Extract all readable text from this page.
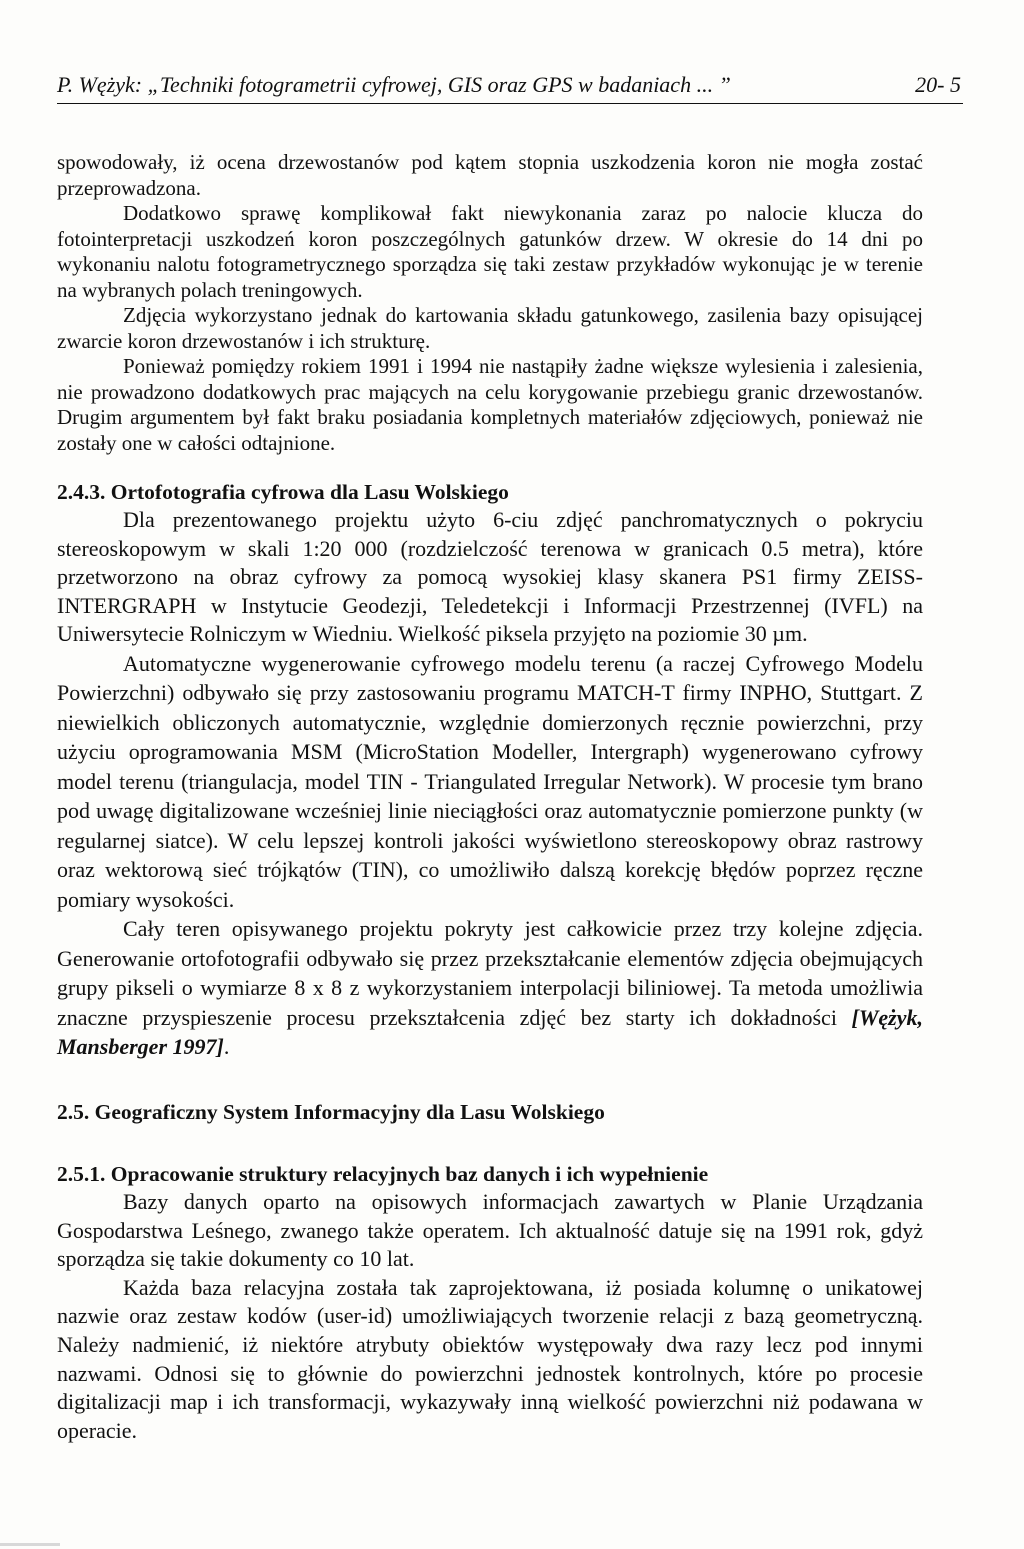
P. Wężyk: „Techniki fotogrametrii cyfrowej, GIS oraz GPS w badaniach ... ”	20- 5

spowodowały, iż ocena drzewostanów pod kątem stopnia uszkodzenia koron nie mogła zostać przeprowadzona.

Dodatkowo sprawę komplikował fakt niewykonania zaraz po nalocie klucza do fotointerpretacji uszkodzeń koron poszczególnych gatunków drzew. W okresie do 14 dni po wykonaniu nalotu fotogrametrycznego sporządza się taki zestaw przykładów wykonując je w terenie na wybranych polach treningowych.

Zdjęcia wykorzystano jednak do kartowania składu gatunkowego, zasilenia bazy opisującej zwarcie koron drzewostanów i ich strukturę.

Ponieważ pomiędzy rokiem 1991 i 1994 nie nastąpiły żadne większe wylesienia i zalesienia, nie prowadzono dodatkowych prac mających na celu korygowanie przebiegu granic drzewostanów. Drugim argumentem był fakt braku posiadania kompletnych materiałów zdjęciowych, ponieważ nie zostały one w całości odtajnione.

2.4.3. Ortofotografia cyfrowa dla Lasu Wolskiego

Dla prezentowanego projektu użyto 6-ciu zdjęć panchromatycznych o pokryciu stereoskopowym w skali 1:20 000 (rozdzielczość terenowa w granicach 0.5 metra), które przetworzono na obraz cyfrowy za pomocą wysokiej klasy skanera PS1 firmy ZEISS-INTERGRAPH w Instytucie Geodezji, Teledetekcji i Informacji Przestrzennej (IVFL) na Uniwersytecie Rolniczym w Wiedniu. Wielkość piksela przyjęto na poziomie 30 µm.

Automatyczne wygenerowanie cyfrowego modelu terenu (a raczej Cyfrowego Modelu Powierzchni) odbywało się przy zastosowaniu programu MATCH-T firmy INPHO, Stuttgart. Z niewielkich obliczonych automatycznie, względnie domierzonych ręcznie powierzchni, przy użyciu oprogramowania MSM (MicroStation Modeller, Intergraph) wygenerowano cyfrowy model terenu (triangulacja, model TIN - Triangulated Irregular Network). W procesie tym brano pod uwagę digitalizowane wcześniej linie nieciągłości oraz automatycznie pomierzone punkty (w regularnej siatce). W celu lepszej kontroli jakości wyświetlono stereoskopowy obraz rastrowy oraz wektorową sieć trójkątów (TIN), co umożliwiło dalszą korekcję błędów poprzez ręczne pomiary wysokości.

Cały teren opisywanego projektu pokryty jest całkowicie przez trzy kolejne zdjęcia. Generowanie ortofotografii odbywało się przez przekształcanie elementów zdjęcia obejmujących grupy pikseli o wymiarze 8 x 8 z wykorzystaniem interpolacji biliniowej. Ta metoda umożliwia znaczne przyspieszenie procesu przekształcenia zdjęć bez starty ich dokładności [Wężyk, Mansberger 1997].

2.5. Geograficzny System Informacyjny dla Lasu Wolskiego
2.5.1. Opracowanie struktury relacyjnych baz danych i ich wypełnienie

Bazy danych oparto na opisowych informacjach zawartych w Planie Urządzania Gospodarstwa Leśnego, zwanego także operatem. Ich aktualność datuje się na 1991 rok, gdyż sporządza się takie dokumenty co 10 lat.

Każda baza relacyjna została tak zaprojektowana, iż posiada kolumnę o unikatowej nazwie oraz zestaw kodów (user-id) umożliwiających tworzenie relacji z bazą geometryczną. Należy nadmienić, iż niektóre atrybuty obiektów występowały dwa razy lecz pod innymi nazwami. Odnosi się to głównie do powierzchni jednostek kontrolnych, które po procesie digitalizacji map i ich transformacji, wykazywały inną wielkość powierzchni niż podawana w operacie.
